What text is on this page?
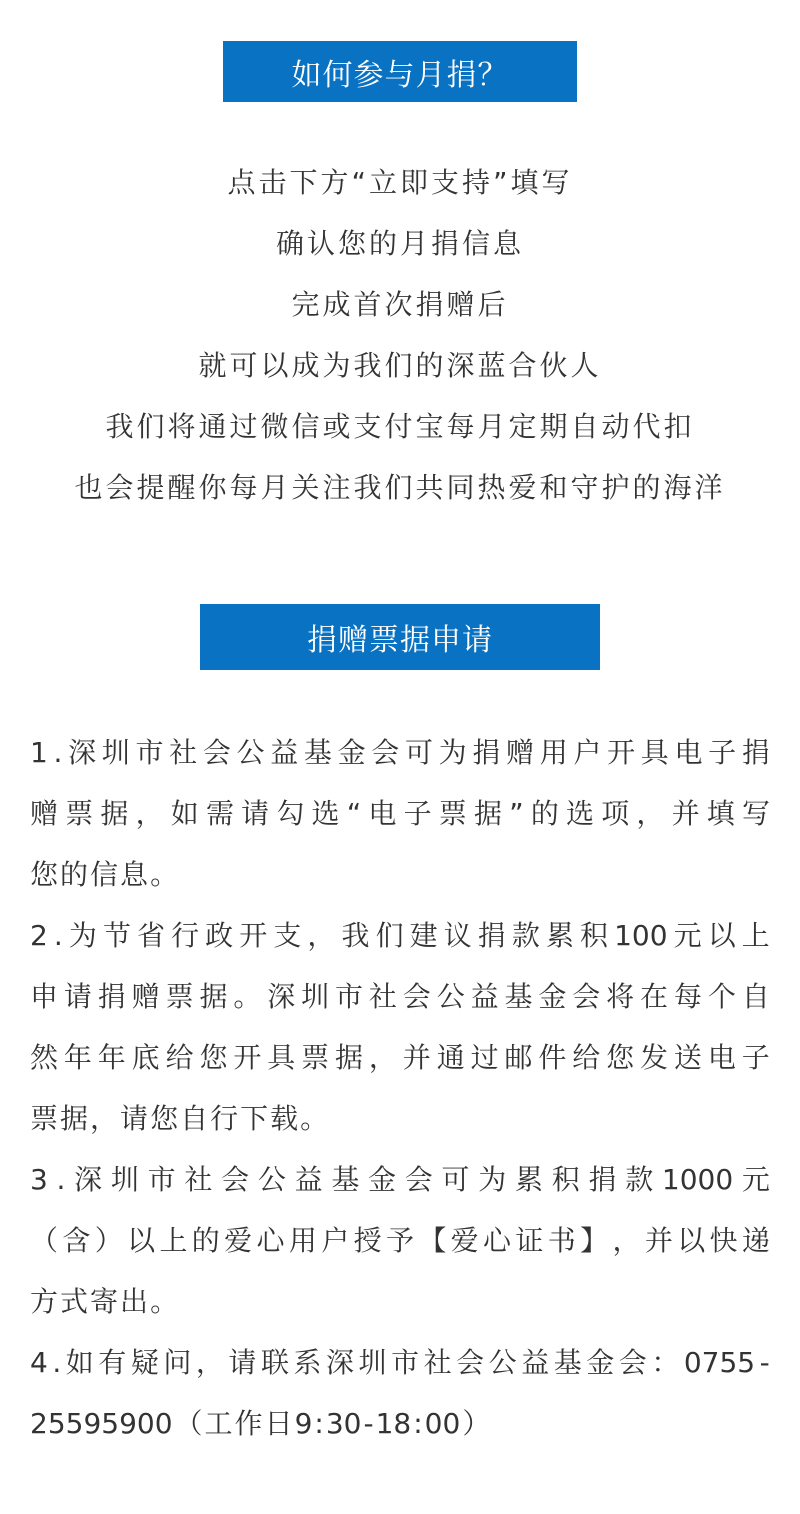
如何参与月捐？
点击下方“立即支持”填写
确认您的月捐信息
完成首次捐赠后
就可以成为我们的深蓝合伙人
我们将通过微信或支付宝每月定期自动代扣
也会提醒你每月关注我们共同热爱和守护的海洋
捐赠票据申请
1 . 深 圳 市 社 会 公 益 基 金 会 可 为 捐 赠 用 户 开 具 电 子 捐
赠 票 据 ， 如 需 请 勾 选 “ 电 子 票 据 ” 的 选 项 ， 并 填 写
您 的 信 息 。
2 . 为 节 省 行 政 开 支 ， 我 们 建 议 捐 款 累 积 100 元 以 上
申 请 捐 赠 票 据 。 深 圳 市 社 会 公 益 基 金 会 将 在 每 个 自
然 年 年 底 给 您 开 具 票 据 ， 并 通 过 邮 件 给 您 发 送 电 子
票 据 ， 请 您 自 行 下 载 。
3 . 深 圳 市 社 会 公 益 基 金 会 可 为 累 积 捐 款 1000 元
（ 含 ） 以 上 的 爱 心 用 户 授 予 【 爱 心 证 书 】 ， 并 以 快 递
方 式 寄 出 。
4 . 如 有 疑 问 ， 请 联 系 深 圳 市 社 会 公 益 基 金 会 ： 0755 -
25595900 （ 工 作 日 9 : 30 - 18 : 00 ）
